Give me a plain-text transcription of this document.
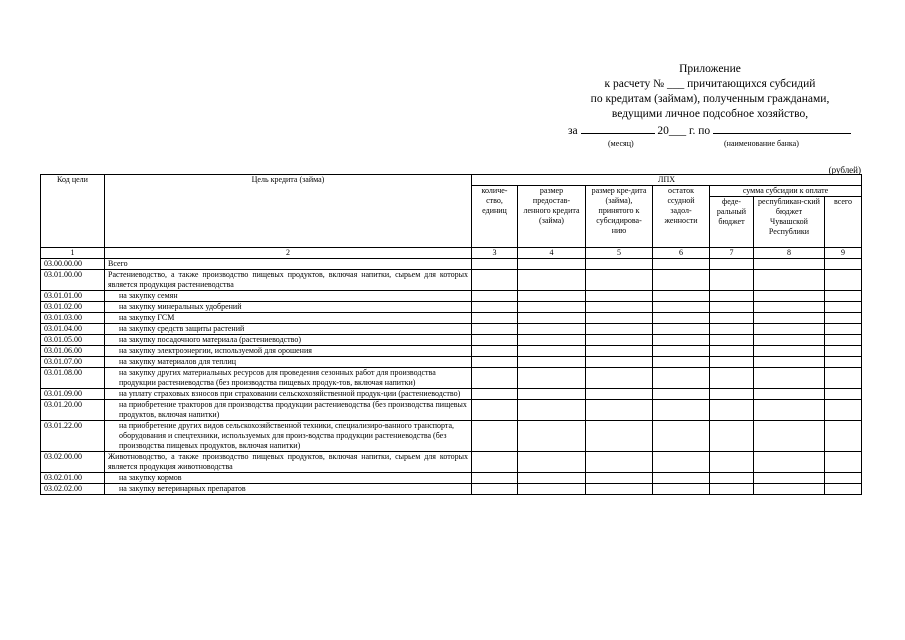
Приложение
к расчету № ___ причитающихся субсидий
по кредитам (займам), полученным гражданами,
ведущими личное подсобное хозяйство,
за	20___ г. по
(месяц)	(наименование банка)
(рублей)
Код цели	Цель кредита (займа)	ЛПХ						
		количе-ство, единиц	размер предостав-ленного кредита (займа)	размер кре-дита (займа), принятого к субсидирова-нию	остаток ссудной задол-женности	сумма субсидии к оплате		
						феде-ральный бюджет	республикан-ский бюджет Чувашской Республики	всего
1	2	3	4	5	6	7	8	9
03.00.00.00	Всего							
03.01.00.00	Растениеводство, а также производство пищевых продуктов, включая напитки, сырьем для которых является продукция растениеводства							
03.01.01.00	на закупку семян							
03.01.02.00	на закупку минеральных удобрений							
03.01.03.00	на закупку ГСМ							
03.01.04.00	на закупку средств защиты растений							
03.01.05.00	на закупку посадочного материала (растениеводство)							
03.01.06.00	на закупку электроэнергии, используемой для орошения							
03.01.07.00	на закупку материалов для теплиц							
03.01.08.00	на закупку других материальных ресурсов для проведения сезонных работ для производства продукции растениеводства (без производства пищевых продук-тов, включая напитки)							
03.01.09.00	на уплату страховых взносов при страховании сельскохозяйственной продук-ции (растениеводство)							
03.01.20.00	на приобретение тракторов для производства продукции растениеводства (без производства пищевых продуктов, включая напитки)							
03.01.22.00	на приобретение других видов сельскохозяйственной техники, специализиро-ванного транспорта, оборудования и спецтехники, используемых для произ-водства продукции растениеводства (без производства пищевых продуктов, включая напитки)							
03.02.00.00	Животноводство, а также производство пищевых продуктов, включая напитки, сырьем для которых является продукция животноводства							
03.02.01.00	на закупку кормов							
03.02.02.00	на закупку ветеринарных препаратов							
